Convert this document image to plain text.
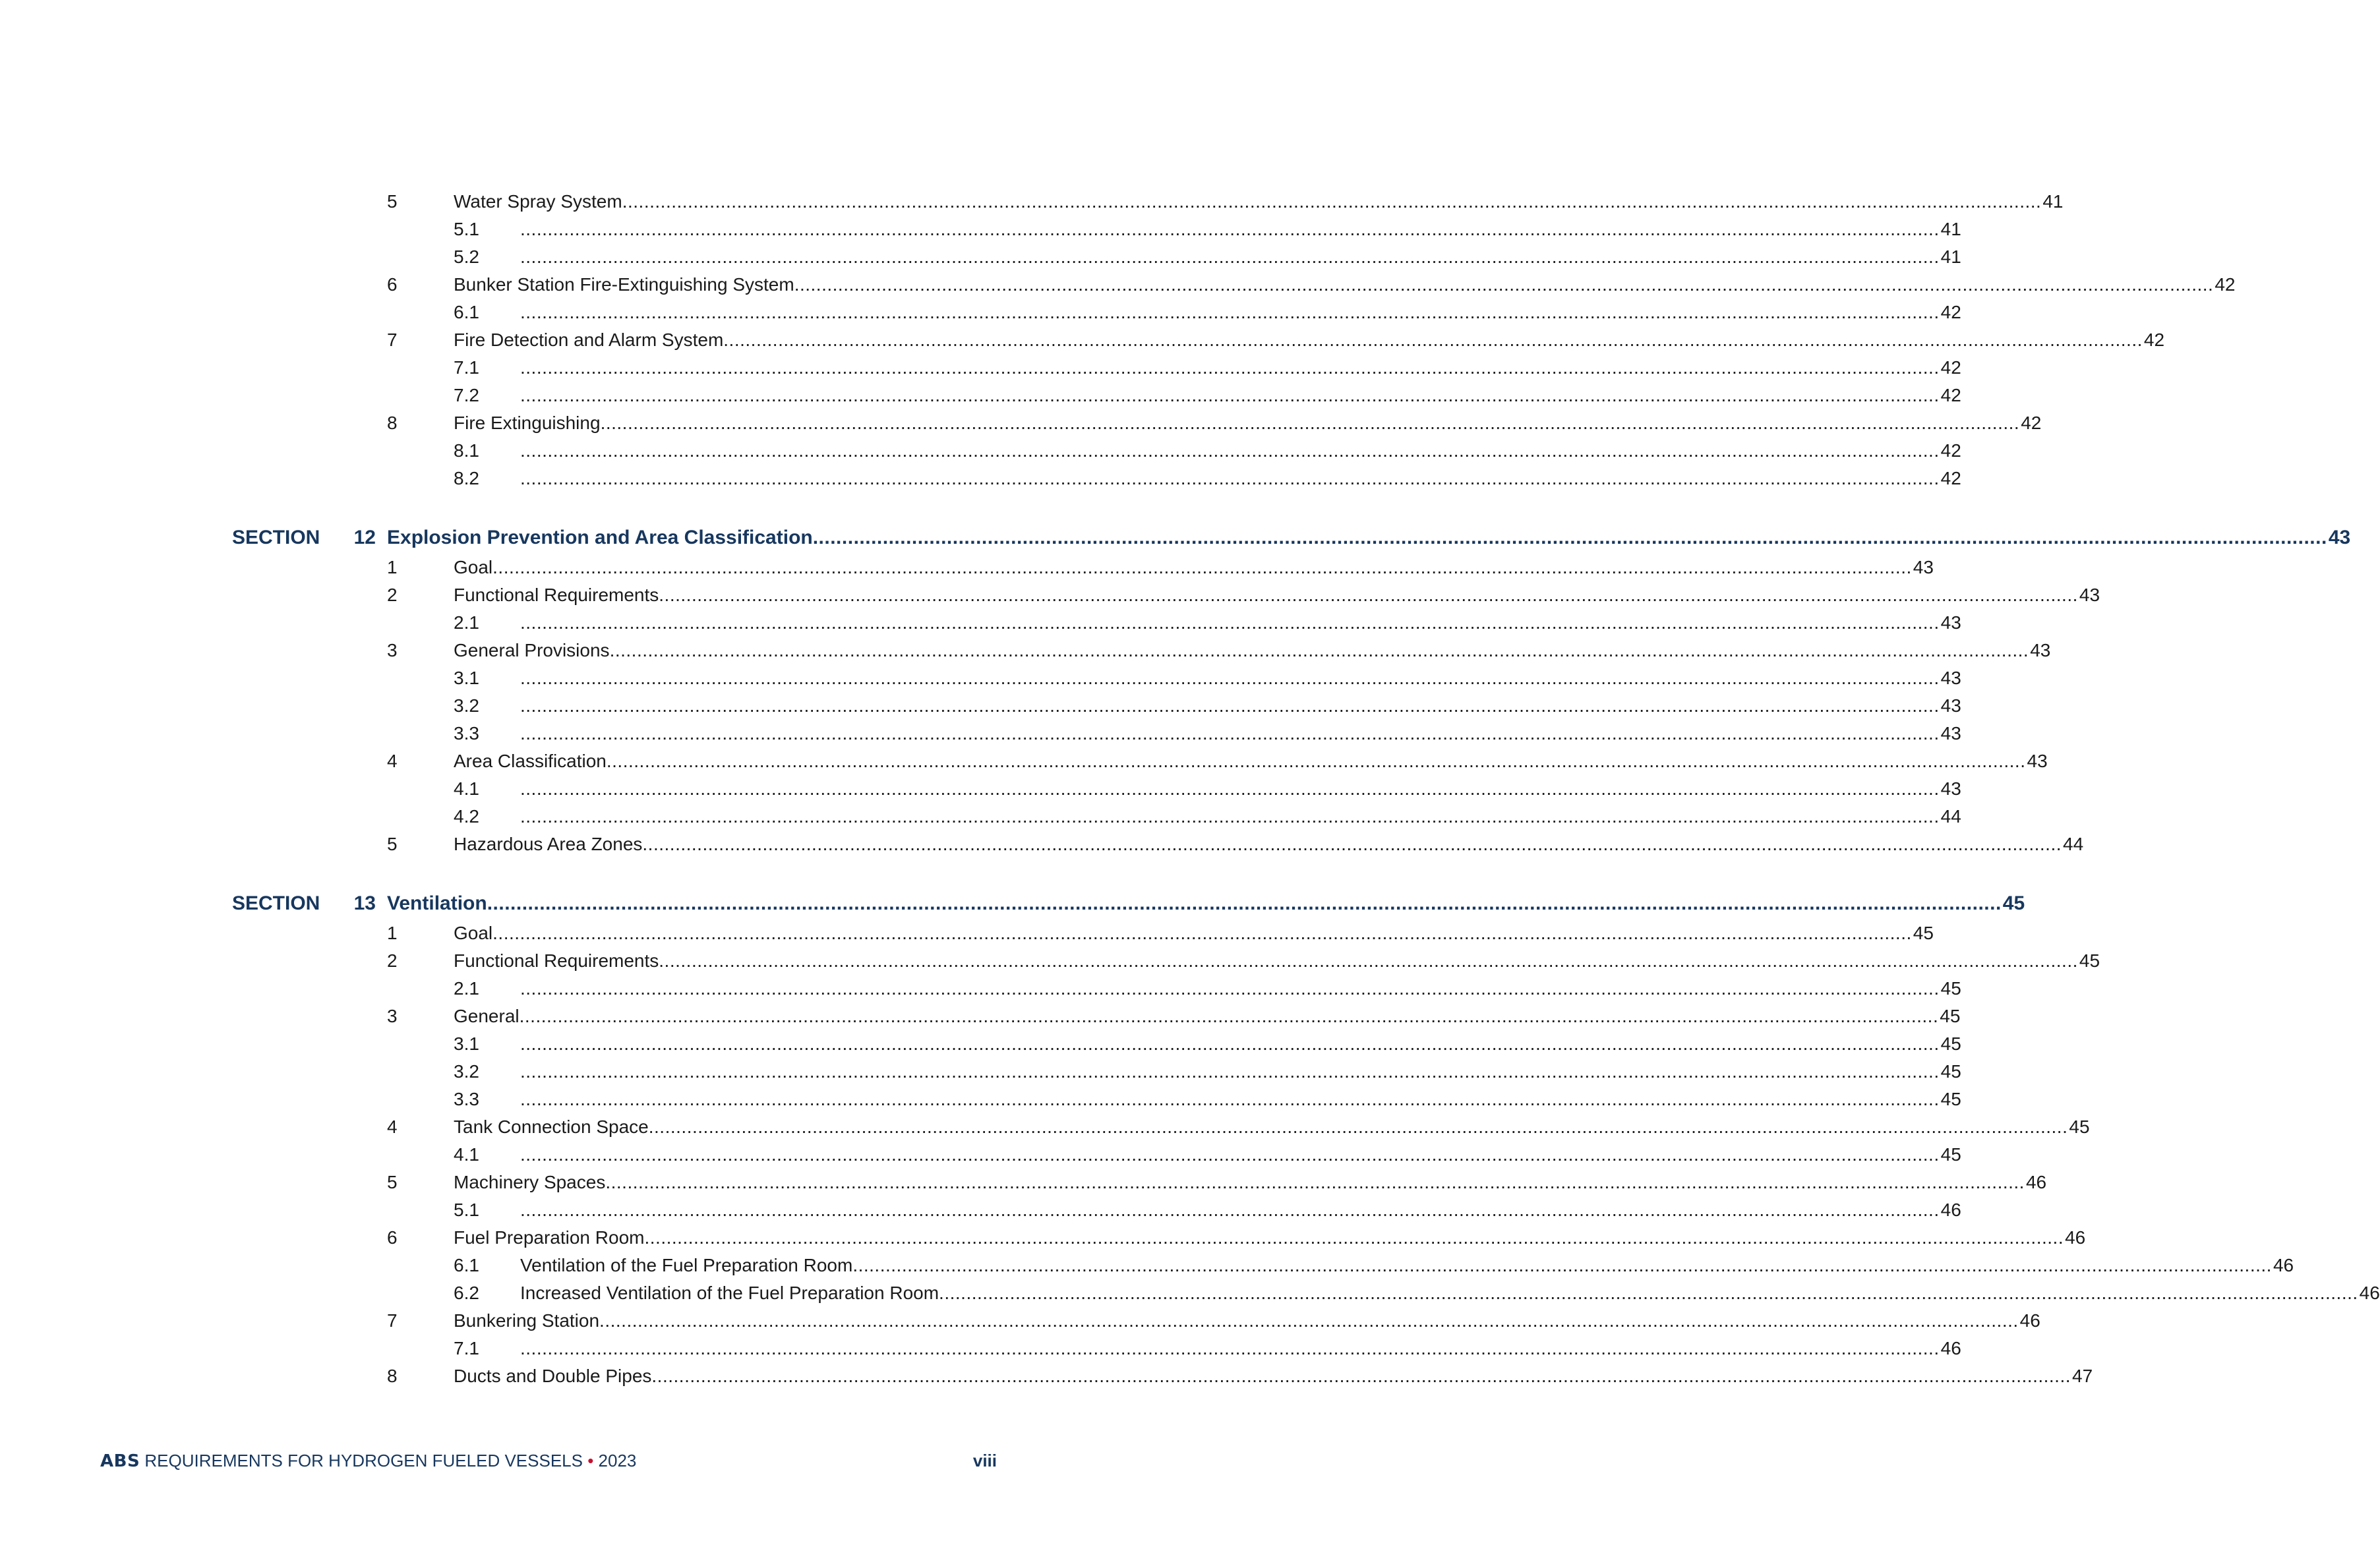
5	Water Spray System .................................................................................................................................................................................................................................................................... 41
5.1 .................................................................................................................................................................................................................................................................... 41
5.2 .................................................................................................................................................................................................................................................................... 41
6	Bunker Station Fire-Extinguishing System .................................................................................................................................................................................................................................................................... 42
6.1 .................................................................................................................................................................................................................................................................... 42
7	Fire Detection and Alarm System .................................................................................................................................................................................................................................................................... 42
7.1 .................................................................................................................................................................................................................................................................... 42
7.2 .................................................................................................................................................................................................................................................................... 42
8	Fire Extinguishing .................................................................................................................................................................................................................................................................... 42
8.1 .................................................................................................................................................................................................................................................................... 42
8.2 .................................................................................................................................................................................................................................................................... 42
SECTION	12 Explosion Prevention and Area Classification .................................................................................................................................................................................................................................................................... 43
1	Goal .................................................................................................................................................................................................................................................................... 43
2	Functional Requirements .................................................................................................................................................................................................................................................................... 43
2.1 .................................................................................................................................................................................................................................................................... 43
3	General Provisions .................................................................................................................................................................................................................................................................... 43
3.1 .................................................................................................................................................................................................................................................................... 43
3.2 .................................................................................................................................................................................................................................................................... 43
3.3 .................................................................................................................................................................................................................................................................... 43
4	Area Classification .................................................................................................................................................................................................................................................................... 43
4.1 .................................................................................................................................................................................................................................................................... 43
4.2 .................................................................................................................................................................................................................................................................... 44
5	Hazardous Area Zones .................................................................................................................................................................................................................................................................... 44
SECTION	13 Ventilation .................................................................................................................................................................................................................................................................... 45
1	Goal .................................................................................................................................................................................................................................................................... 45
2	Functional Requirements .................................................................................................................................................................................................................................................................... 45
2.1 .................................................................................................................................................................................................................................................................... 45
3	General .................................................................................................................................................................................................................................................................... 45
3.1 .................................................................................................................................................................................................................................................................... 45
3.2 .................................................................................................................................................................................................................................................................... 45
3.3 .................................................................................................................................................................................................................................................................... 45
4	Tank Connection Space .................................................................................................................................................................................................................................................................... 45
4.1 .................................................................................................................................................................................................................................................................... 45
5	Machinery Spaces .................................................................................................................................................................................................................................................................... 46
5.1 .................................................................................................................................................................................................................................................................... 46
6	Fuel Preparation Room .................................................................................................................................................................................................................................................................... 46
6.1 Ventilation of the Fuel Preparation Room .................................................................................................................................................................................................................................................................... 46
6.2 Increased Ventilation of the Fuel Preparation Room .................................................................................................................................................................................................................................................................... 46
7	Bunkering Station .................................................................................................................................................................................................................................................................... 46
7.1 .................................................................................................................................................................................................................................................................... 46
8	Ducts and Double Pipes .................................................................................................................................................................................................................................................................... 47
ABS REQUIREMENTS FOR HYDROGEN FUELED VESSELS • 2023	viii
